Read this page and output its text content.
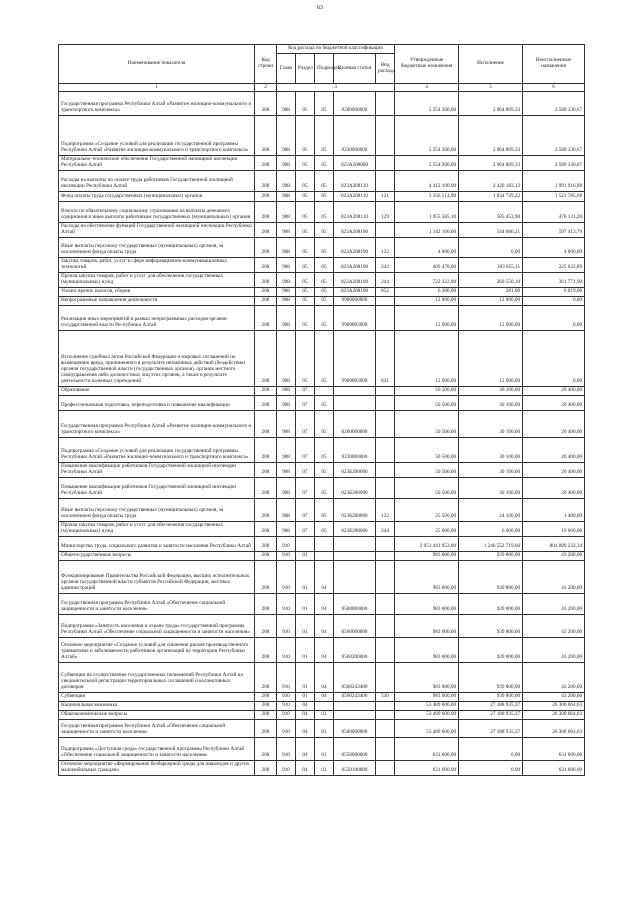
63
Наименование показателя	Код строки	Код расхода по бюджетной классификации					Утвержденные бюджетные назначения	Исполнение	Неисполненные назначения
		Глава	Раздел	Подраздел	Целевая статья	Вид расхода			
1	2	3					4	5	6
Государственная программа Республики Алтай «Развитие жилищно-коммунального и транспортного комплекса»	200	908	05	05	0200000000		5 554 200,00	2 964 869,33	2 589 330,67
Подпрограмма «Создание условий для реализации государственной программы Республики Алтай «Развитие жилищно-коммунального и транспортного комплекса»	200	908	05	05	0230000000		5 554 200,00	2 964 869,33	2 589 330,67
Материально-техническое обеспечение Государственной жилищной инспекции Республики Алтай	200	908	05	05	023А200000		5 554 200,00	2 964 869,33	2 589 330,67
Расходы на выплаты по оплате труда работников Государственной жилищной инспекции Республики Алтай	200	908	05	05	023А208110		4 412 100,00	2 420 183,12	1 991 916,88
Фонд оплаты труда государственных (муниципальных) органов	200	908	05	05	023А208110	121	3 356 514,90	1 834 729,22	1 521 785,68
Взносы по обязательному социальному страхованию на выплаты денежного содержания и иные выплаты работникам государственных (муниципальных) органов	200	908	05	05	023А208110	129	1 055 585,10	585 453,90	470 131,20
Расходы на обеспечение функций Государственной жилищной инспекции Республики Алтай	200	908	05	05	023А208190		1 142 100,00	544 686,21	597 413,79
Иные выплаты персоналу государственных (муниципальных) органов, за исключением фонда оплаты труда	200	908	05	05	023А208190	122	4 000,00	0,00	4 000,00
Закупка товаров, работ, услуг в сфере информационно-коммуникационных технологий	200	908	05	05	023А208190	242	409 478,00	183 855,11	225 622,89
Прочая закупка товаров, работ и услуг для обеспечения государственных (муниципальных) нужд	200	908	05	05	023А208190	244	722 322,00	360 550,10	361 771,90
Уплата прочих налогов, сборов	200	908	05	05	023А208190	852	6 300,00	281,00	6 019,00
Непрограммные направления деятельности	200	908	05	05	9900000000		12 000,00	12 000,00	0,00
Реализация иных мероприятий в рамках непрограммных расходов органов государственной власти Республики Алтай	200	908	05	05	9900003000		12 000,00	12 000,00	0,00
Исполнение судебных актов Российской Федерации и мировых соглашений по возмещению вреда, причиненного в результате незаконных действий (бездействия) органов государственной власти (государственных органов), органов местного самоуправления либо должностных лиц этих органов, а также в результате деятельности казенных учреждений	200	908	05	05	9900003000	831	12 000,00	12 000,00	0,00
Образование	200	908	07				50 500,00	30 100,00	20 400,00
Профессиональная подготовка, переподготовка и повышение квалификации	200	908	07	05			50 500,00	30 100,00	20 400,00
Государственная программа Республики Алтай «Развитие жилищно-коммунального и транспортного комплекса»	200	908	07	05	0200000000		50 500,00	30 100,00	20 400,00
Подпрограмма «Создание условий для реализации государственной программы Республики Алтай «Развитие жилищно-коммунального и транспортного комплекса»	200	908	07	05	0230000000		50 500,00	30 100,00	20 400,00
Повышение квалификации работников Государственной жилищной инспекции Республики Алтай	200	908	07	05	023Б200000		50 500,00	30 100,00	20 400,00
Повышение квалификации работников Государственной жилищной инспекции Республики Алтай	200	908	07	05	023Б208000		50 500,00	30 100,00	20 400,00
Иные выплаты персоналу государственных (муниципальных) органов, за исключением фонда оплаты труда	200	908	07	05	023Б208000	122	25 500,00	24 100,00	1 400,00
Прочая закупка товаров, работ и услуг для обеспечения государственных (муниципальных) нужд	200	908	07	05	023Б208000	244	25 000,00	6 000,00	19 000,00
Министерство труда, социального развития и занятости населения Республики Алтай	200	910					2 051 441 953,00	1 246 552 719,66	804 889 233,34
Общегосударственные вопросы	200	910	01				983 000,00	939 800,00	43 200,00
Функционирование Правительства Российской Федерации, высших исполнительных органов государственной власти субъектов Российской Федерации, местных администраций	200	910	01	04			983 000,00	939 800,00	43 200,00
Государственная программа Республики Алтай «Обеспечение социальной защищенности и занятости населения»	200	910	01	04	0500000000		983 000,00	939 800,00	43 200,00
Подпрограмма «Занятость населения и охрана труда» государственной программы Республики Алтай «Обеспечение социальной защищенности и занятости населения»	200	910	01	04	0560000000		983 000,00	939 800,00	43 200,00
Основное мероприятие «Создание условий для снижения рисков производственного травматизма и заболеваемости работников организаций на территории Республики Алтай»	200	910	01	04	0560200000		983 000,00	939 800,00	43 200,00
Субвенции на осуществление государственных полномочий Республики Алтай по уведомительной регистрации территориальных соглашений и коллективных договоров	200	910	01	04	0560243400		983 000,00	939 800,00	43 200,00
Субвенции	200	910	01	04	0560243400	530	983 000,00	939 800,00	43 200,00
Национальная экономика	200	910	04				53 489 600,00	27 188 935,37	26 300 664,63
Общеэкономические вопросы	200	910	04	01			53 489 600,00	27 188 935,37	26 300 664,63
Государственная программа Республики Алтай «Обеспечение социальной защищенности и занятости населения»	200	910	04	01	0500000000		53 489 600,00	27 188 935,37	26 300 664,63
Подпрограмма «Доступная среда» государственной программы Республики Алтай «Обеспечение социальной защищенности и занятости населения»	200	910	04	01	0550000000		631 600,00	0,00	631 600,00
Основное мероприятие «Формирование безбарьерной среды для инвалидов и других маломобильных граждан»	200	910	04	01	0550100000		631 600,00	0,00	631 600,00
